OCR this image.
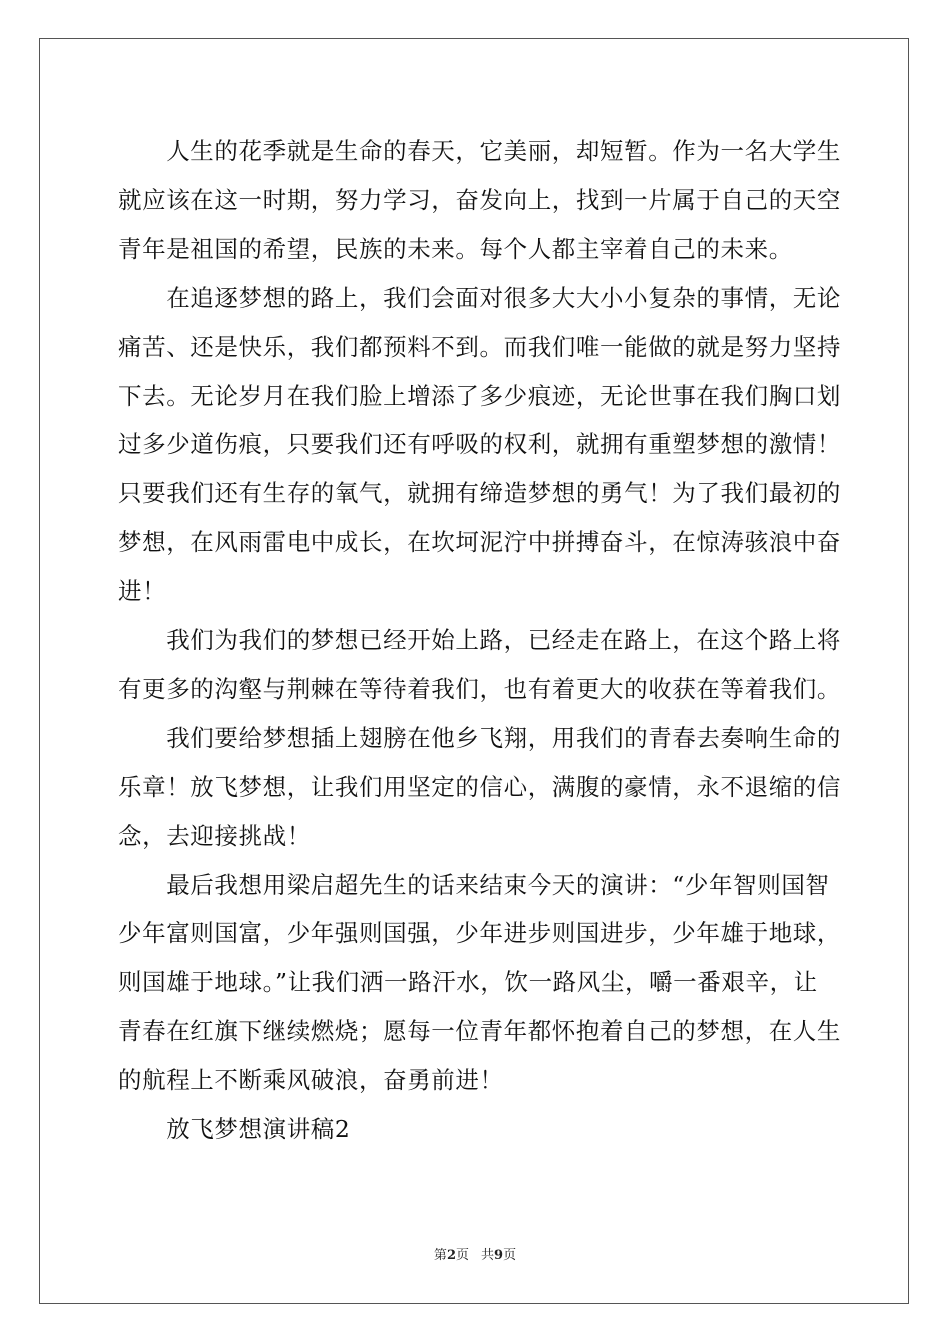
　　人生的花季就是生命的春天，它美丽，却短暂。作为一名大学生
就应该在这一时期，努力学习，奋发向上，找到一片属于自己的天空
青年是祖国的希望，民族的未来。每个人都主宰着自己的未来。
　　在追逐梦想的路上，我们会面对很多大大小小复杂的事情，无论
痛苦、还是快乐，我们都预料不到。而我们唯一能做的就是努力坚持
下去。无论岁月在我们脸上增添了多少痕迹，无论世事在我们胸口划
过多少道伤痕，只要我们还有呼吸的权利，就拥有重塑梦想的激情！
只要我们还有生存的氧气，就拥有缔造梦想的勇气！为了我们最初的
梦想，在风雨雷电中成长，在坎坷泥泞中拼搏奋斗，在惊涛骇浪中奋
进！
　　我们为我们的梦想已经开始上路，已经走在路上，在这个路上将
有更多的沟壑与荆棘在等待着我们，也有着更大的收获在等着我们。
　　我们要给梦想插上翅膀在他乡飞翔，用我们的青春去奏响生命的
乐章！放飞梦想，让我们用坚定的信心，满腹的豪情，永不退缩的信
念，去迎接挑战！
　　最后我想用梁启超先生的话来结束今天的演讲：“少年智则国智
少年富则国富，少年强则国强，少年进步则国进步，少年雄于地球，
则国雄于地球。”让我们洒一路汗水，饮一路风尘，嚼一番艰辛，让
青春在红旗下继续燃烧；愿每一位青年都怀抱着自己的梦想，在人生
的航程上不断乘风破浪，奋勇前进！
　　放飞梦想演讲稿2
第2页 共9页
